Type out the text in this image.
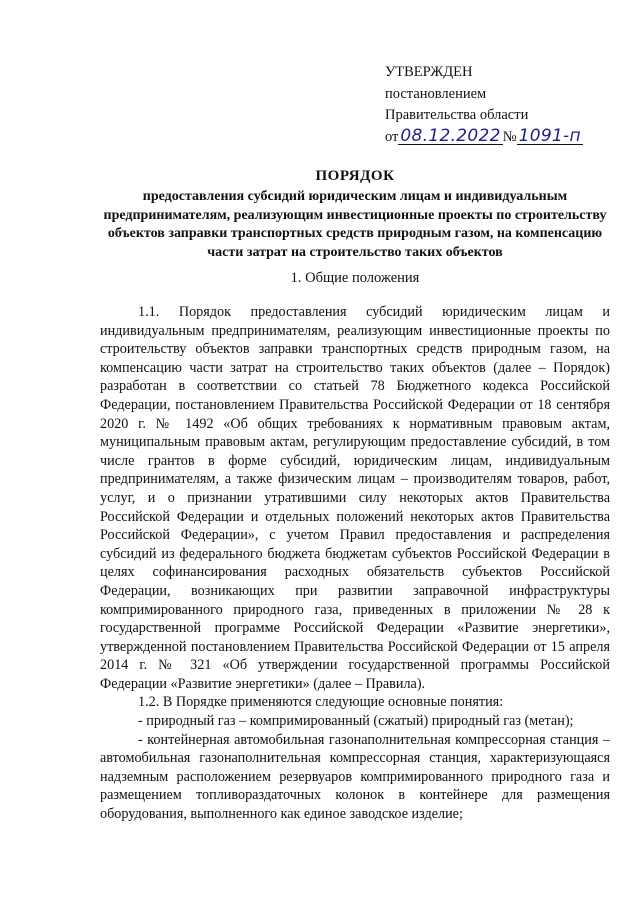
УТВЕРЖДЕН
постановлением
Правительства области
от 08.12.2022 № 1091-п
ПОРЯДОК
предоставления субсидий юридическим лицам и индивидуальным предпринимателям, реализующим инвестиционные проекты по строительству объектов заправки транспортных средств природным газом, на компенсацию части затрат на строительство таких объектов
1. Общие положения

1.1. Порядок предоставления субсидий юридическим лицам и индивидуальным предпринимателям, реализующим инвестиционные проекты по строительству объектов заправки транспортных средств природным газом, на компенсацию части затрат на строительство таких объектов (далее – Порядок) разработан в соответствии со статьей 78 Бюджетного кодекса Российской Федерации, постановлением Правительства Российской Федерации от 18 сентября 2020 г. № 1492 «Об общих требованиях к нормативным правовым актам, муниципальным правовым актам, регулирующим предоставление субсидий, в том числе грантов в форме субсидий, юридическим лицам, индивидуальным предпринимателям, а также физическим лицам – производителям товаров, работ, услуг, и о признании утратившими силу некоторых актов Правительства Российской Федерации и отдельных положений некоторых актов Правительства Российской Федерации», с учетом Правил предоставления и распределения субсидий из федерального бюджета бюджетам субъектов Российской Федерации в целях софинансирования расходных обязательств субъектов Российской Федерации, возникающих при развитии заправочной инфраструктуры компримированного природного газа, приведенных в приложении № 28 к государственной программе Российской Федерации «Развитие энергетики», утвержденной постановлением Правительства Российской Федерации от 15 апреля 2014 г. № 321 «Об утверждении государственной программы Российской Федерации «Развитие энергетики» (далее – Правила).

1.2. В Порядке применяются следующие основные понятия:

- природный газ – компримированный (сжатый) природный газ (метан);

- контейнерная автомобильная газонаполнительная компрессорная станция – автомобильная газонаполнительная компрессорная станция, характеризующаяся надземным расположением резервуаров компримированного природного газа и размещением топливораздаточных колонок в контейнере для размещения оборудования, выполненного как единое заводское изделие;
